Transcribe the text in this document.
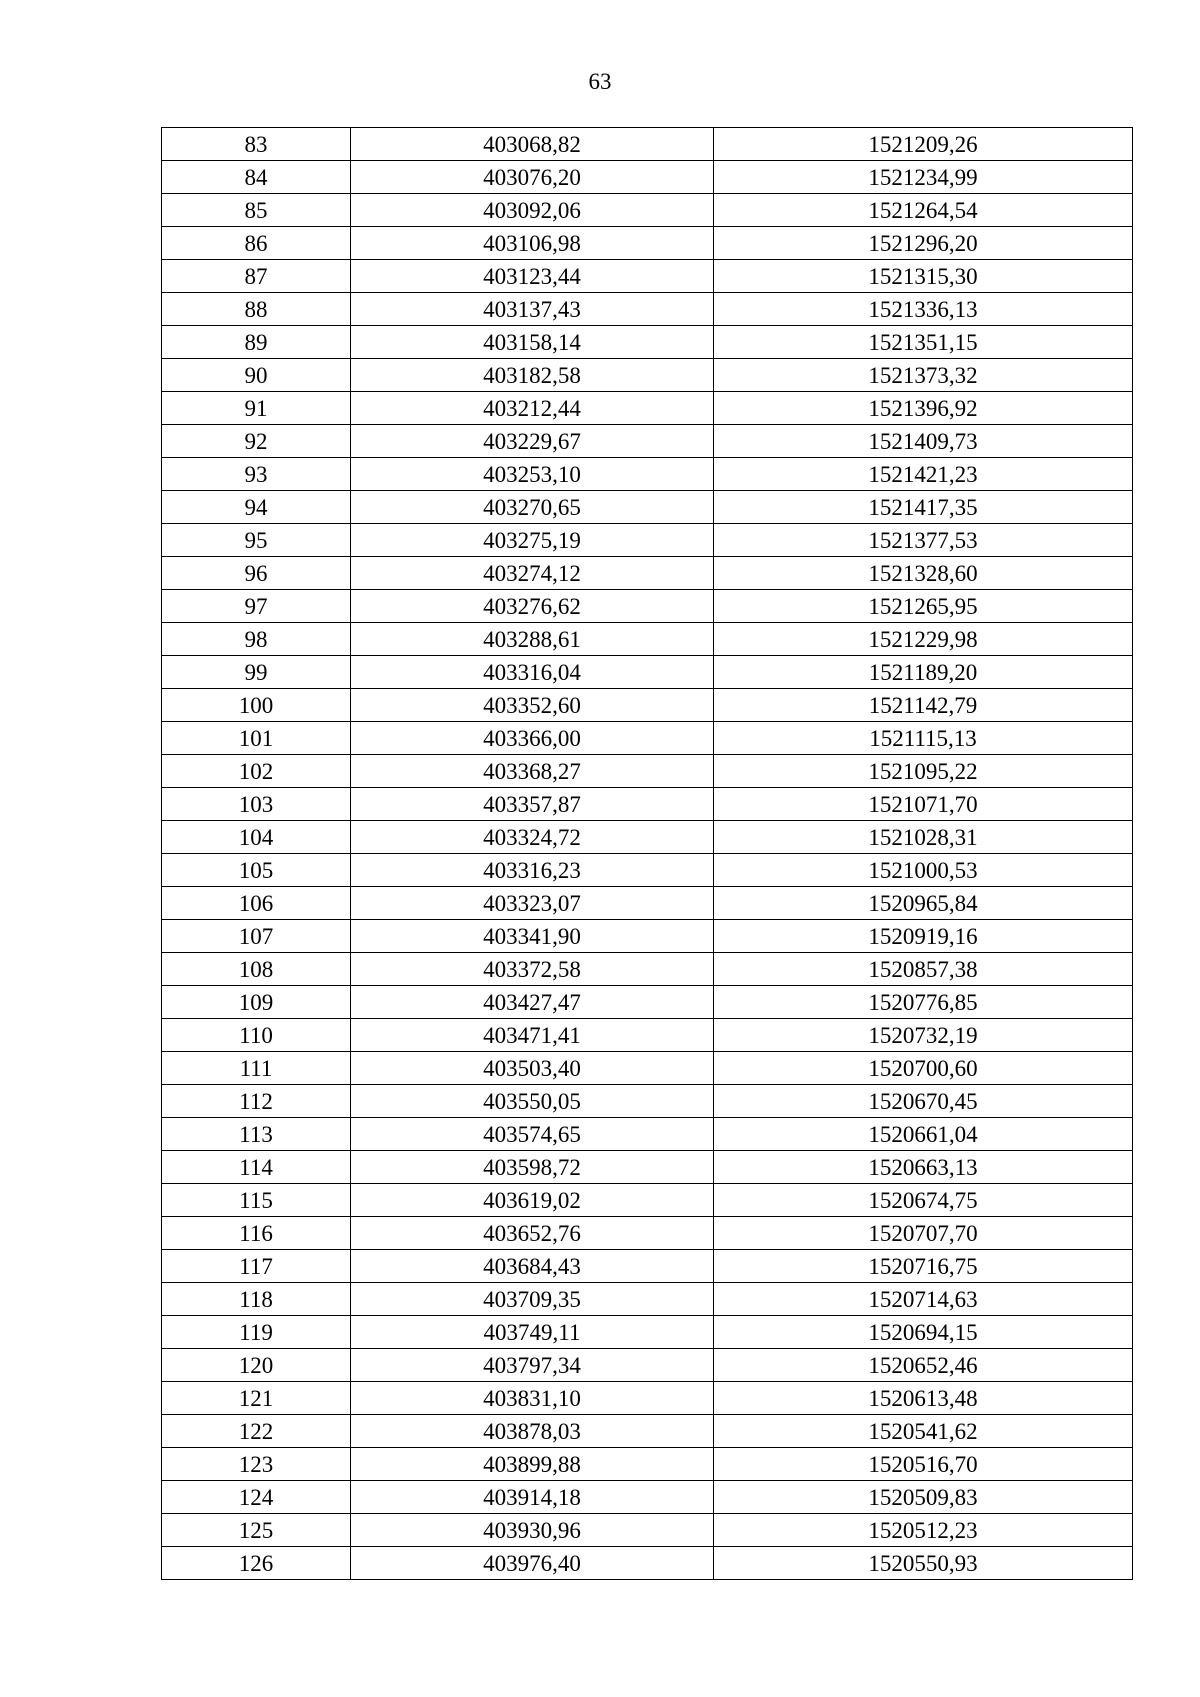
63
83	403068,82	1521209,26
84	403076,20	1521234,99
85	403092,06	1521264,54
86	403106,98	1521296,20
87	403123,44	1521315,30
88	403137,43	1521336,13
89	403158,14	1521351,15
90	403182,58	1521373,32
91	403212,44	1521396,92
92	403229,67	1521409,73
93	403253,10	1521421,23
94	403270,65	1521417,35
95	403275,19	1521377,53
96	403274,12	1521328,60
97	403276,62	1521265,95
98	403288,61	1521229,98
99	403316,04	1521189,20
100	403352,60	1521142,79
101	403366,00	1521115,13
102	403368,27	1521095,22
103	403357,87	1521071,70
104	403324,72	1521028,31
105	403316,23	1521000,53
106	403323,07	1520965,84
107	403341,90	1520919,16
108	403372,58	1520857,38
109	403427,47	1520776,85
110	403471,41	1520732,19
111	403503,40	1520700,60
112	403550,05	1520670,45
113	403574,65	1520661,04
114	403598,72	1520663,13
115	403619,02	1520674,75
116	403652,76	1520707,70
117	403684,43	1520716,75
118	403709,35	1520714,63
119	403749,11	1520694,15
120	403797,34	1520652,46
121	403831,10	1520613,48
122	403878,03	1520541,62
123	403899,88	1520516,70
124	403914,18	1520509,83
125	403930,96	1520512,23
126	403976,40	1520550,93
